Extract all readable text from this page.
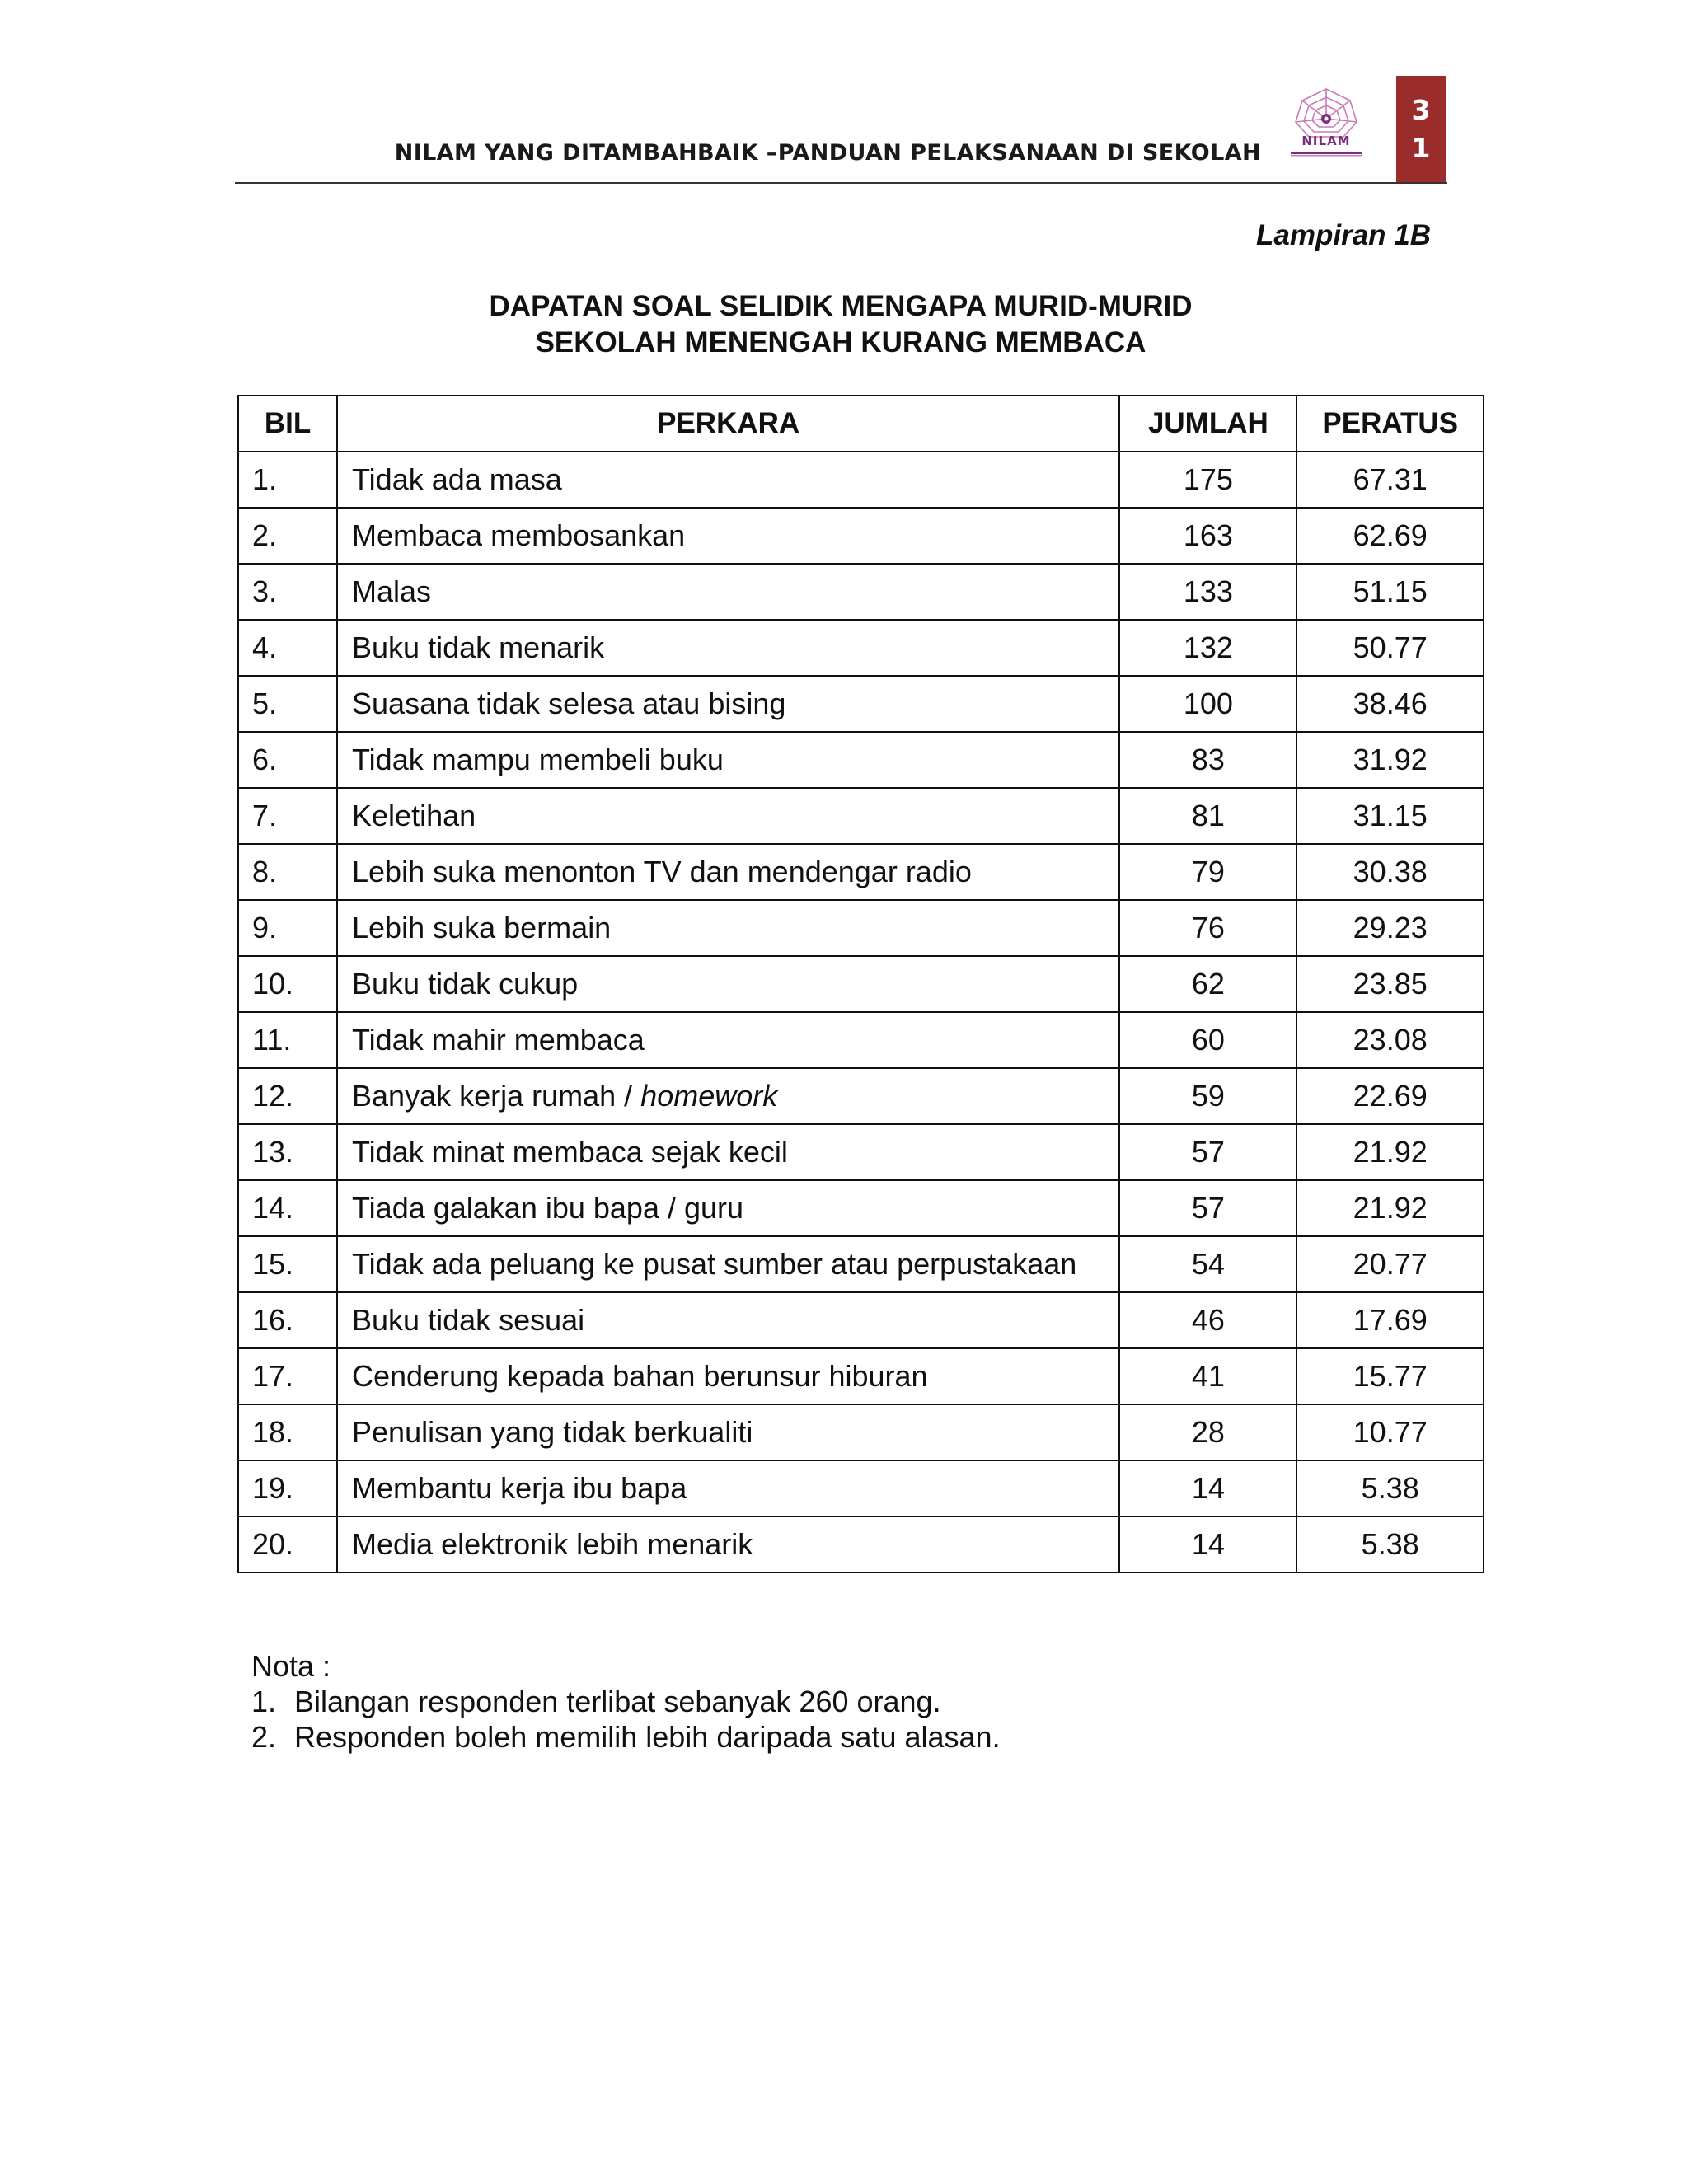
NILAM YANG DITAMBAHBAIK –PANDUAN PELAKSANAAN DI SEKOLAH	NILAM
3
1
Lampiran 1B
DAPATAN SOAL SELIDIK MENGAPA MURID-MURID
SEKOLAH MENENGAH KURANG MEMBACA
BIL	PERKARA	JUMLAH	PERATUS
1.	Tidak ada masa	175	67.31
2.	Membaca membosankan	163	62.69
3.	Malas	133	51.15
4.	Buku tidak menarik	132	50.77
5.	Suasana tidak selesa atau bising	100	38.46
6.	Tidak mampu membeli buku	83	31.92
7.	Keletihan	81	31.15
8.	Lebih suka menonton TV dan mendengar radio	79	30.38
9.	Lebih suka bermain	76	29.23
10.	Buku tidak cukup	62	23.85
11.	Tidak mahir membaca	60	23.08
12.	Banyak kerja rumah / homework	59	22.69
13.	Tidak minat membaca sejak kecil	57	21.92
14.	Tiada galakan ibu bapa / guru	57	21.92
15.	Tidak ada peluang ke pusat sumber atau perpustakaan	54	20.77
16.	Buku tidak sesuai	46	17.69
17.	Cenderung kepada bahan berunsur hiburan	41	15.77
18.	Penulisan yang tidak berkualiti	28	10.77
19.	Membantu kerja ibu bapa	14	5.38
20.	Media elektronik lebih menarik	14	5.38
Nota :
1. Bilangan responden terlibat sebanyak 260 orang.
2. Responden boleh memilih lebih daripada satu alasan.
